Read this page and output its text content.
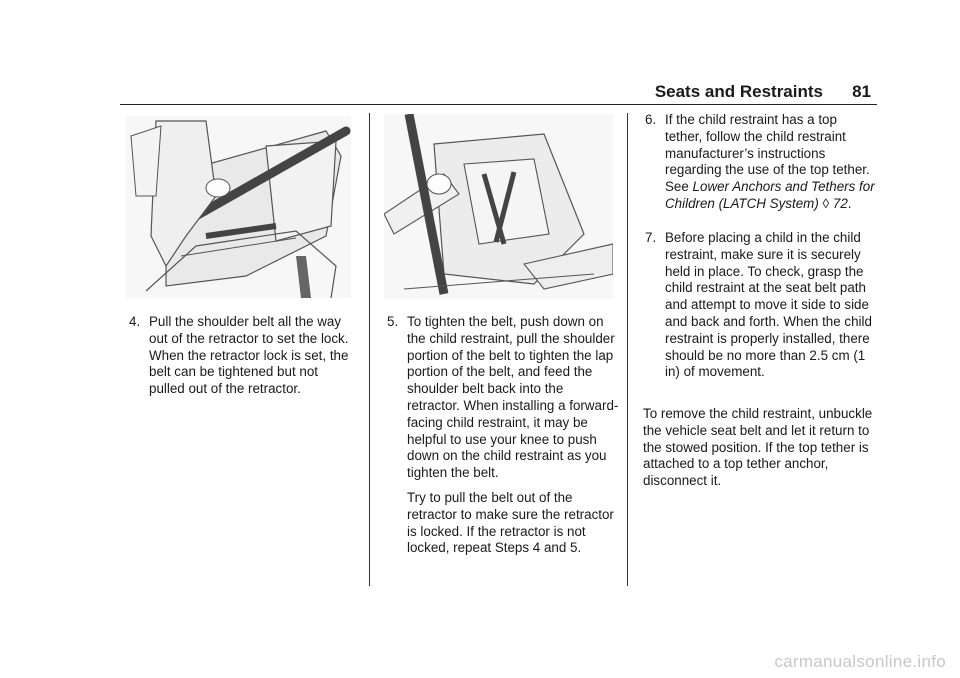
Seats and Restraints 81
4. Pull the shoulder belt all the way out of the retractor to set the lock. When the retractor lock is set, the belt can be tightened but not pulled out of the retractor.
5. To tighten the belt, push down on the child restraint, pull the shoulder portion of the belt to tighten the lap portion of the belt, and feed the shoulder belt back into the retractor. When installing a forward-facing child restraint, it may be helpful to use your knee to push down on the child restraint as you tighten the belt.
Try to pull the belt out of the retractor to make sure the retractor is locked. If the retractor is not locked, repeat Steps 4 and 5.
6. If the child restraint has a top tether, follow the child restraint manufacturer’s instructions regarding the use of the top tether. See Lower Anchors and Tethers for Children (LATCH System) ◊ 72.
7. Before placing a child in the child restraint, make sure it is securely held in place. To check, grasp the child restraint at the seat belt path and attempt to move it side to side and back and forth. When the child restraint is properly installed, there should be no more than 2.5 cm (1 in) of movement.
To remove the child restraint, unbuckle the vehicle seat belt and let it return to the stowed position. If the top tether is attached to a top tether anchor, disconnect it.
carmanualsonline.info
